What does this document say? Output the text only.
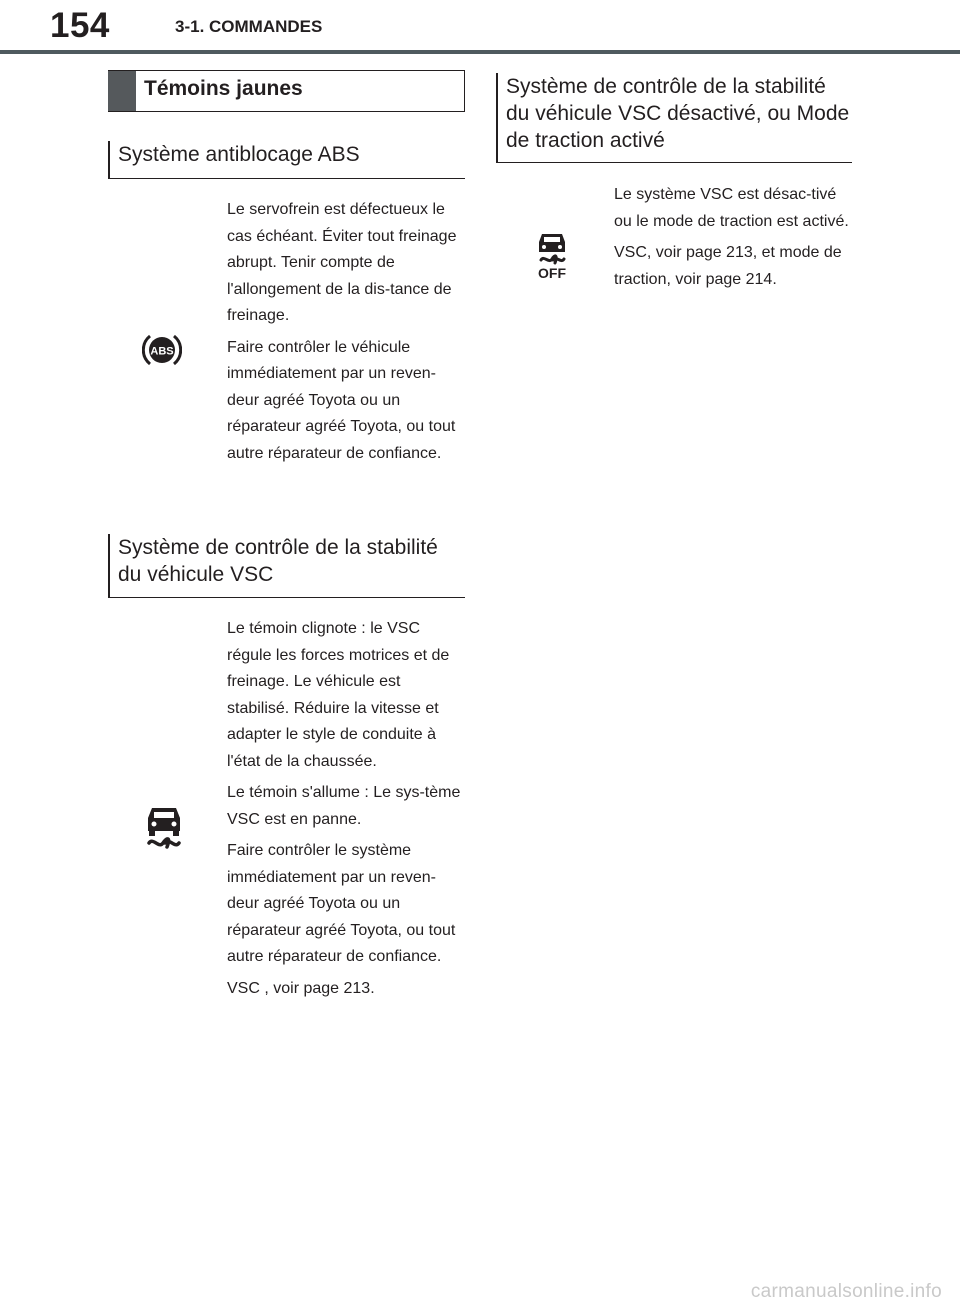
154	3-1. COMMANDES
Témoins jaunes
Système antiblocage ABS
ABS

Le servofrein est défectueux le cas échéant. Éviter tout freinage abrupt. Tenir compte de l'allongement de la dis-tance de freinage.

Faire contrôler le véhicule immédiatement par un reven-deur agréé Toyota ou un réparateur agréé Toyota, ou tout autre réparateur de confiance.

Système de contrôle de la stabilité du véhicule VSC

Le témoin clignote : le VSC régule les forces motrices et de freinage. Le véhicule est stabilisé. Réduire la vitesse et adapter le style de conduite à l'état de la chaussée.

Le témoin s'allume : Le sys-tème VSC est en panne.

Faire contrôler le système immédiatement par un reven-deur agréé Toyota ou un réparateur agréé Toyota, ou tout autre réparateur de confiance.

VSC , voir page 213.

Système de contrôle de la stabilité du véhicule VSC désactivé, ou Mode de traction activé
OFF

Le système VSC est désac-tivé ou le mode de traction est activé.

VSC, voir page 213, et mode de traction, voir page 214.

carmanualsonline.info
